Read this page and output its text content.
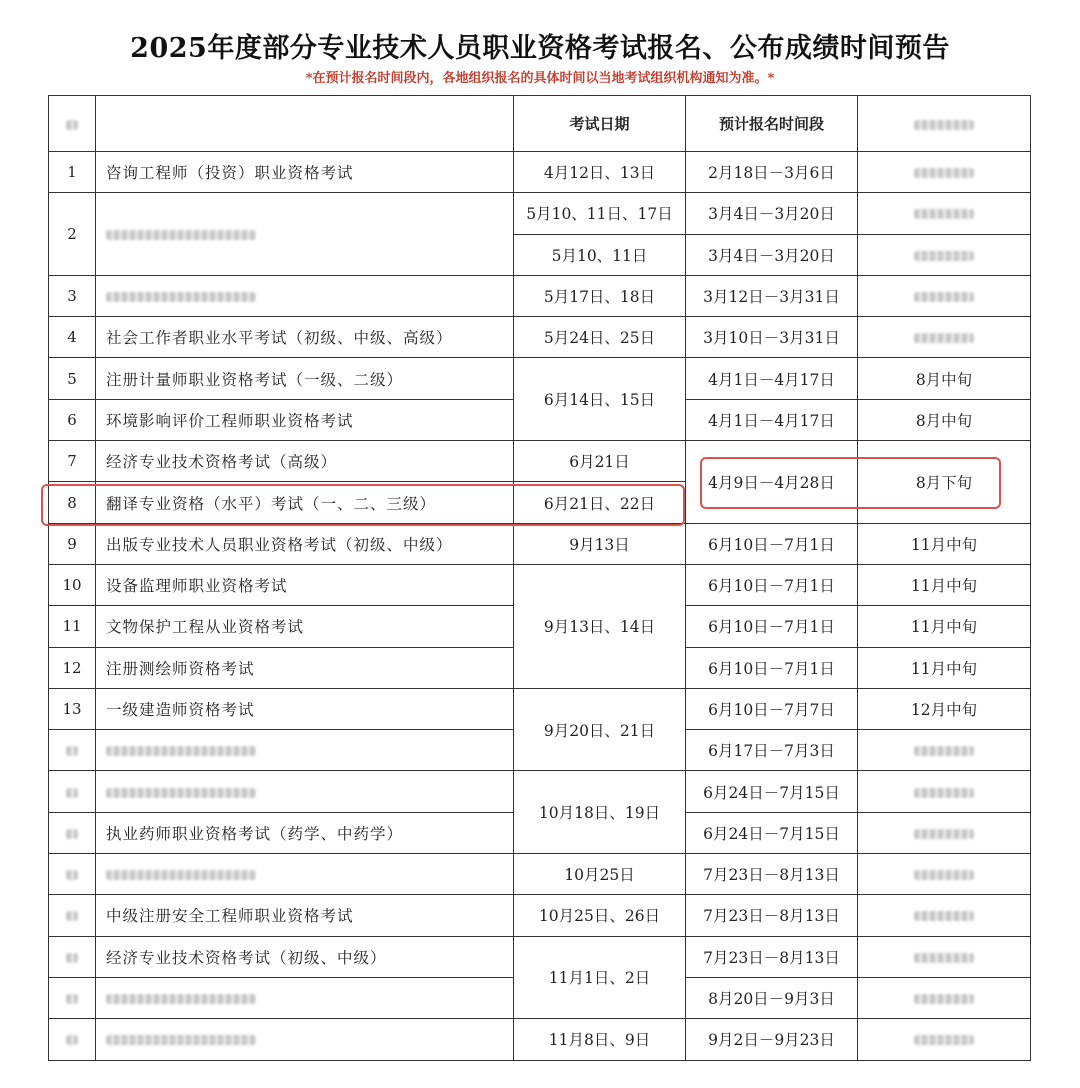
2025年度部分专业技术人员职业资格考试报名、公布成绩时间预告
*在预计报名时间段内，各地组织报名的具体时间以当地考试组织机构通知为准。*
		考试日期	预计报名时间段	
1	咨询工程师（投资）职业资格考试	4月12日、13日	2月18日－3月6日	
2		5月10、11日、17日	3月4日－3月20日	
		5月10、11日	3月4日－3月20日	
3		5月17日、18日	3月12日－3月31日	
4	社会工作者职业水平考试（初级、中级、高级）	5月24日、25日	3月10日－3月31日	
5	注册计量师职业资格考试（一级、二级）	6月14日、15日	4月1日－4月17日	8月中旬
6	环境影响评价工程师职业资格考试		4月1日－4月17日	8月中旬
7	经济专业技术资格考试（高级）	6月21日	4月9日－4月28日	8月下旬
8	翻译专业资格（水平）考试（一、二、三级）	6月21日、22日		
9	出版专业技术人员职业资格考试（初级、中级）	9月13日	6月10日－7月1日	11月中旬
10	设备监理师职业资格考试	9月13日、14日	6月10日－7月1日	11月中旬
11	文物保护工程从业资格考试		6月10日－7月1日	11月中旬
12	注册测绘师资格考试		6月10日－7月1日	11月中旬
13	一级建造师资格考试	9月20日、21日	6月10日－7月7日	12月中旬
			6月17日－7月3日	
		10月18日、19日	6月24日－7月15日	
	执业药师职业资格考试（药学、中药学）		6月24日－7月15日	
		10月25日	7月23日－8月13日	
	中级注册安全工程师职业资格考试	10月25日、26日	7月23日－8月13日	
	经济专业技术资格考试（初级、中级）	11月1日、2日	7月23日－8月13日	
			8月20日－9月3日	
		11月8日、9日	9月2日－9月23日	
